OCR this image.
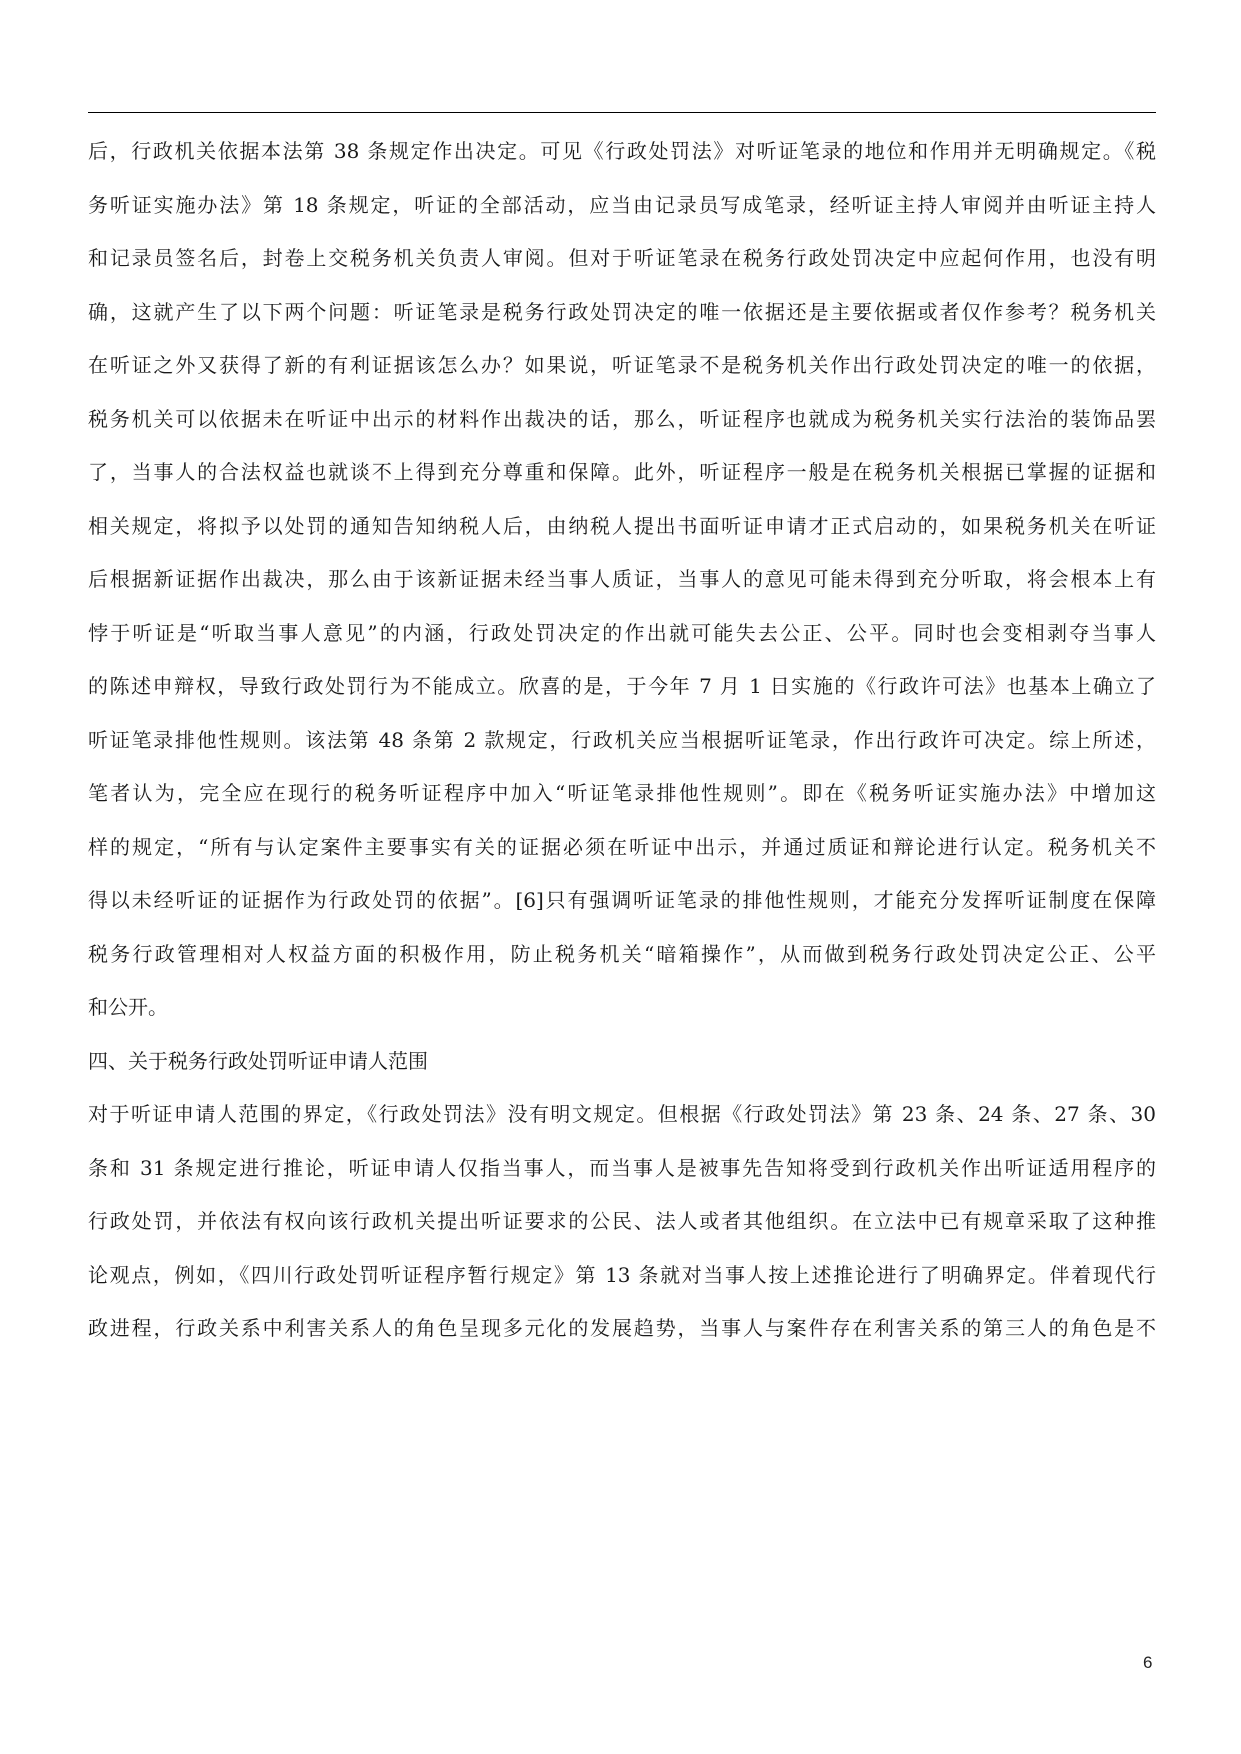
后，行政机关依据本法第 38 条规定作出决定。可见《行政处罚法》对听证笔录的地位和作用并无明确规定。《税
务听证实施办法》第 18 条规定，听证的全部活动，应当由记录员写成笔录，经听证主持人审阅并由听证主持人
和记录员签名后，封卷上交税务机关负责人审阅。但对于听证笔录在税务行政处罚决定中应起何作用，也没有明
确，这就产生了以下两个问题：听证笔录是税务行政处罚决定的唯一依据还是主要依据或者仅作参考？税务机关
在听证之外又获得了新的有利证据该怎么办？如果说，听证笔录不是税务机关作出行政处罚决定的唯一的依据，
税务机关可以依据未在听证中出示的材料作出裁决的话，那么，听证程序也就成为税务机关实行法治的装饰品罢
了，当事人的合法权益也就谈不上得到充分尊重和保障。此外，听证程序一般是在税务机关根据已掌握的证据和
相关规定，将拟予以处罚的通知告知纳税人后，由纳税人提出书面听证申请才正式启动的，如果税务机关在听证
后根据新证据作出裁决，那么由于该新证据未经当事人质证，当事人的意见可能未得到充分听取，将会根本上有
悖于听证是“听取当事人意见”的内涵，行政处罚决定的作出就可能失去公正、公平。同时也会变相剥夺当事人
的陈述申辩权，导致行政处罚行为不能成立。欣喜的是，于今年 7 月 1 日实施的《行政许可法》也基本上确立了
听证笔录排他性规则。该法第 48 条第 2 款规定，行政机关应当根据听证笔录，作出行政许可决定。综上所述，
笔者认为，完全应在现行的税务听证程序中加入“听证笔录排他性规则”。即在《税务听证实施办法》中增加这
样的规定，“所有与认定案件主要事实有关的证据必须在听证中出示，并通过质证和辩论进行认定。税务机关不
得以未经听证的证据作为行政处罚的依据”。[6]只有强调听证笔录的排他性规则，才能充分发挥听证制度在保障
税务行政管理相对人权益方面的积极作用，防止税务机关“暗箱操作”，从而做到税务行政处罚决定公正、公平
和公开。
四、关于税务行政处罚听证申请人范围
对于听证申请人范围的界定，《行政处罚法》没有明文规定。但根据《行政处罚法》第 23 条、24 条、27 条、30
条和 31 条规定进行推论，听证申请人仅指当事人，而当事人是被事先告知将受到行政机关作出听证适用程序的
行政处罚，并依法有权向该行政机关提出听证要求的公民、法人或者其他组织。在立法中已有规章采取了这种推
论观点，例如，《四川行政处罚听证程序暂行规定》第 13 条就对当事人按上述推论进行了明确界定。伴着现代行
政进程，行政关系中利害关系人的角色呈现多元化的发展趋势，当事人与案件存在利害关系的第三人的角色是不
6
